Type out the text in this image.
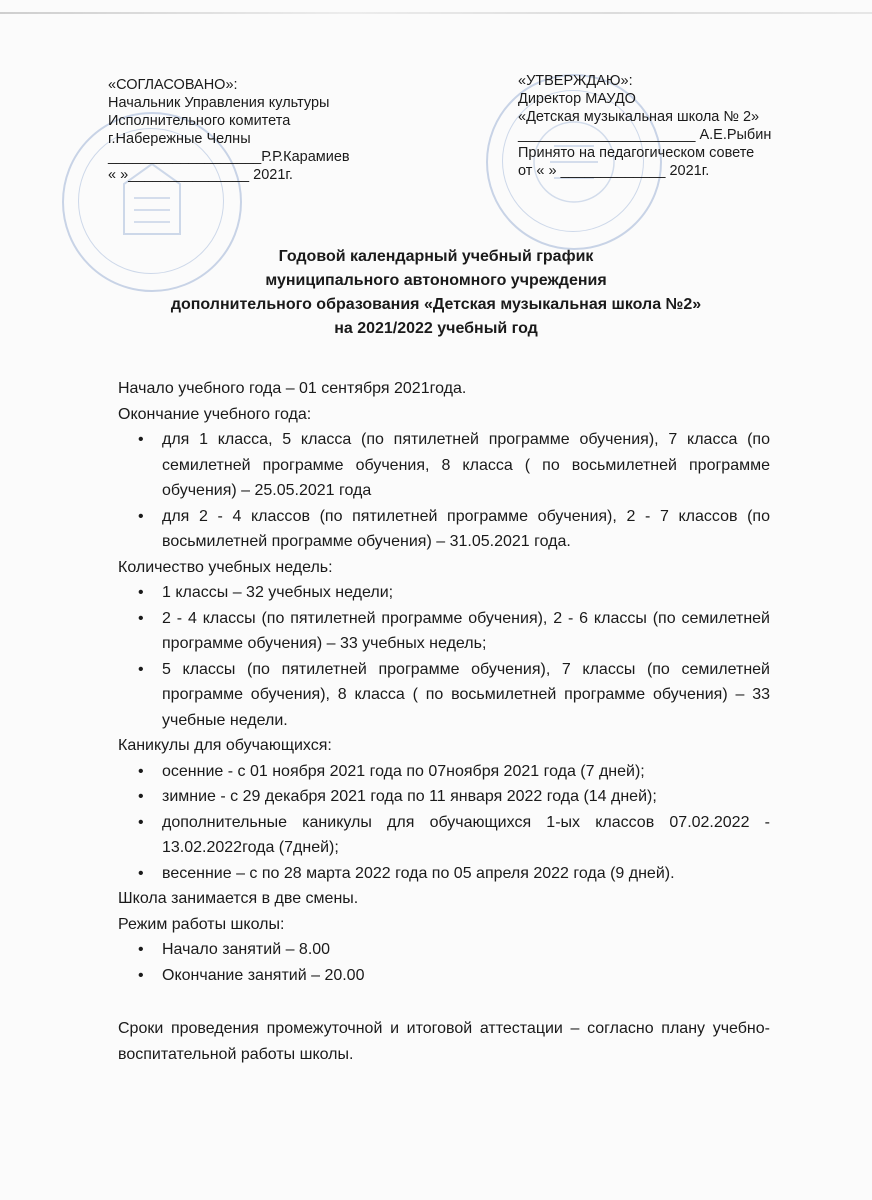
«СОГЛАСОВАНО»:
Начальник Управления культуры
Исполнительного комитета
г.Набережные Челны
___________________Р.Р.Карамиев
« »_______________ 2021г.
«УТВЕРЖДАЮ»:
Директор МАУДО
«Детская музыкальная школа № 2»
______________________ А.Е.Рыбин
Принято на педагогическом совете
от « » _____________ 2021г.
Годовой календарный учебный график
муниципального автономного учреждения
дополнительного образования «Детская музыкальная школа №2»
на 2021/2022 учебный год
Начало учебного года – 01 сентября 2021года.
Окончание учебного года:
• для 1 класса, 5 класса (по пятилетней программе обучения), 7 класса (по семилетней программе обучения, 8 класса ( по восьмилетней программе обучения) – 25.05.2021 года
• для 2 - 4 классов (по пятилетней программе обучения), 2 - 7 классов (по восьмилетней программе обучения) – 31.05.2021 года.
Количество учебных недель:
• 1 классы – 32 учебных недели;
• 2 - 4 классы (по пятилетней программе обучения), 2 - 6 классы (по семилетней программе обучения) – 33 учебных недель;
• 5 классы (по пятилетней программе обучения), 7 классы (по семилетней программе обучения), 8 класса ( по восьмилетней программе обучения) – 33 учебные недели.
Каникулы для обучающихся:
• осенние - с 01 ноября 2021 года по 07ноября 2021 года (7 дней);
• зимние - с 29 декабря 2021 года по 11 января 2022 года (14 дней);
• дополнительные каникулы для обучающихся 1-ых классов 07.02.2022 - 13.02.2022года (7дней);
• весенние – с по 28 марта 2022 года по 05 апреля 2022 года (9 дней).
Школа занимается в две смены.
Режим работы школы:
• Начало занятий – 8.00
• Окончание занятий – 20.00
Сроки проведения промежуточной и итоговой аттестации – согласно плану учебно-воспитательной работы школы.
